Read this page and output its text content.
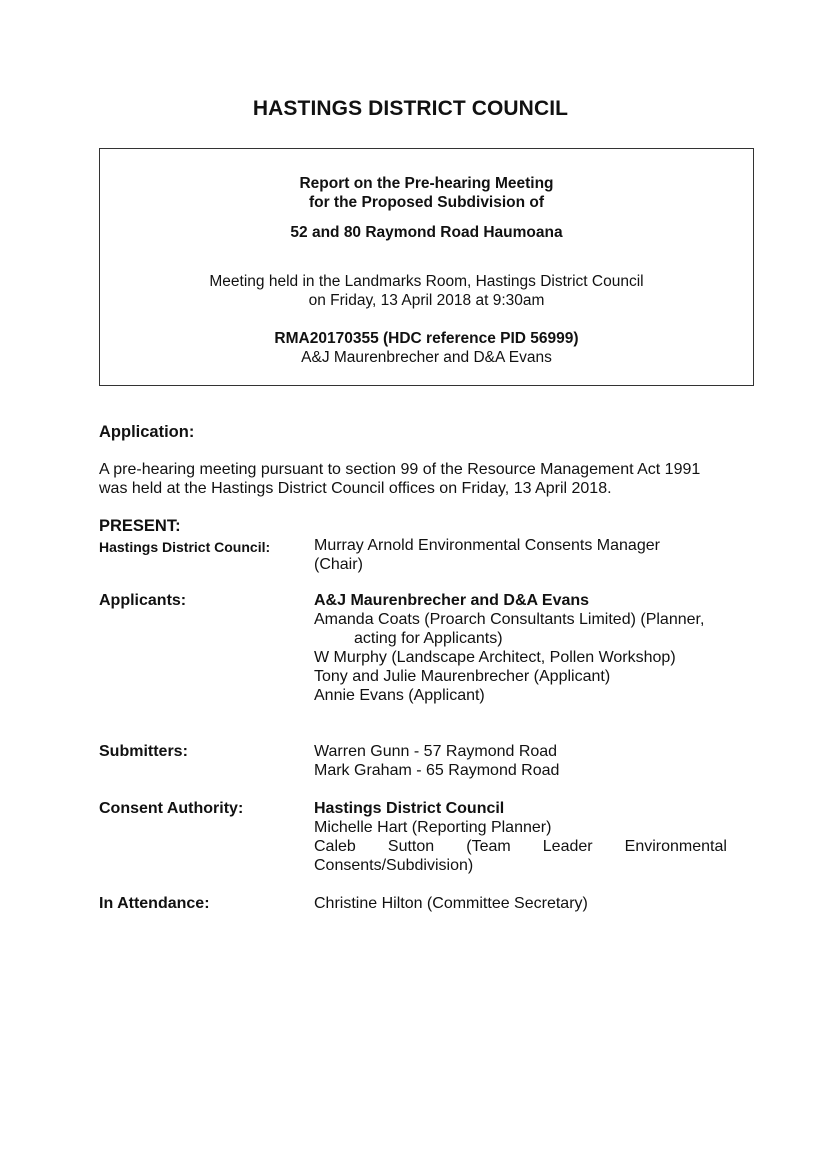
HASTINGS DISTRICT COUNCIL
Report on the Pre-hearing Meeting
for the Proposed Subdivision of
52 and 80 Raymond Road Haumoana
Meeting held in the Landmarks Room, Hastings District Council
on Friday, 13 April 2018 at 9:30am
RMA20170355 (HDC reference PID 56999)
A&J Maurenbrecher and D&A Evans
Application:
A pre-hearing meeting pursuant to section 99 of the Resource Management Act 1991
was held at the Hastings District Council offices on Friday, 13 April 2018.
PRESENT:
Hastings District Council:	Murray Arnold Environmental Consents Manager
(Chair)
Applicants:	A&J Maurenbrecher and D&A Evans
Amanda Coats (Proarch Consultants Limited) (Planner,
acting for Applicants)
W Murphy (Landscape Architect, Pollen Workshop)
Tony and Julie Maurenbrecher (Applicant)
Annie Evans (Applicant)
Submitters:	Warren Gunn - 57 Raymond Road
Mark Graham - 65 Raymond Road
Consent Authority:	Hastings District Council
Michelle Hart (Reporting Planner)
Caleb Sutton (Team Leader Environmental
Consents/Subdivision)
In Attendance:	Christine Hilton (Committee Secretary)
